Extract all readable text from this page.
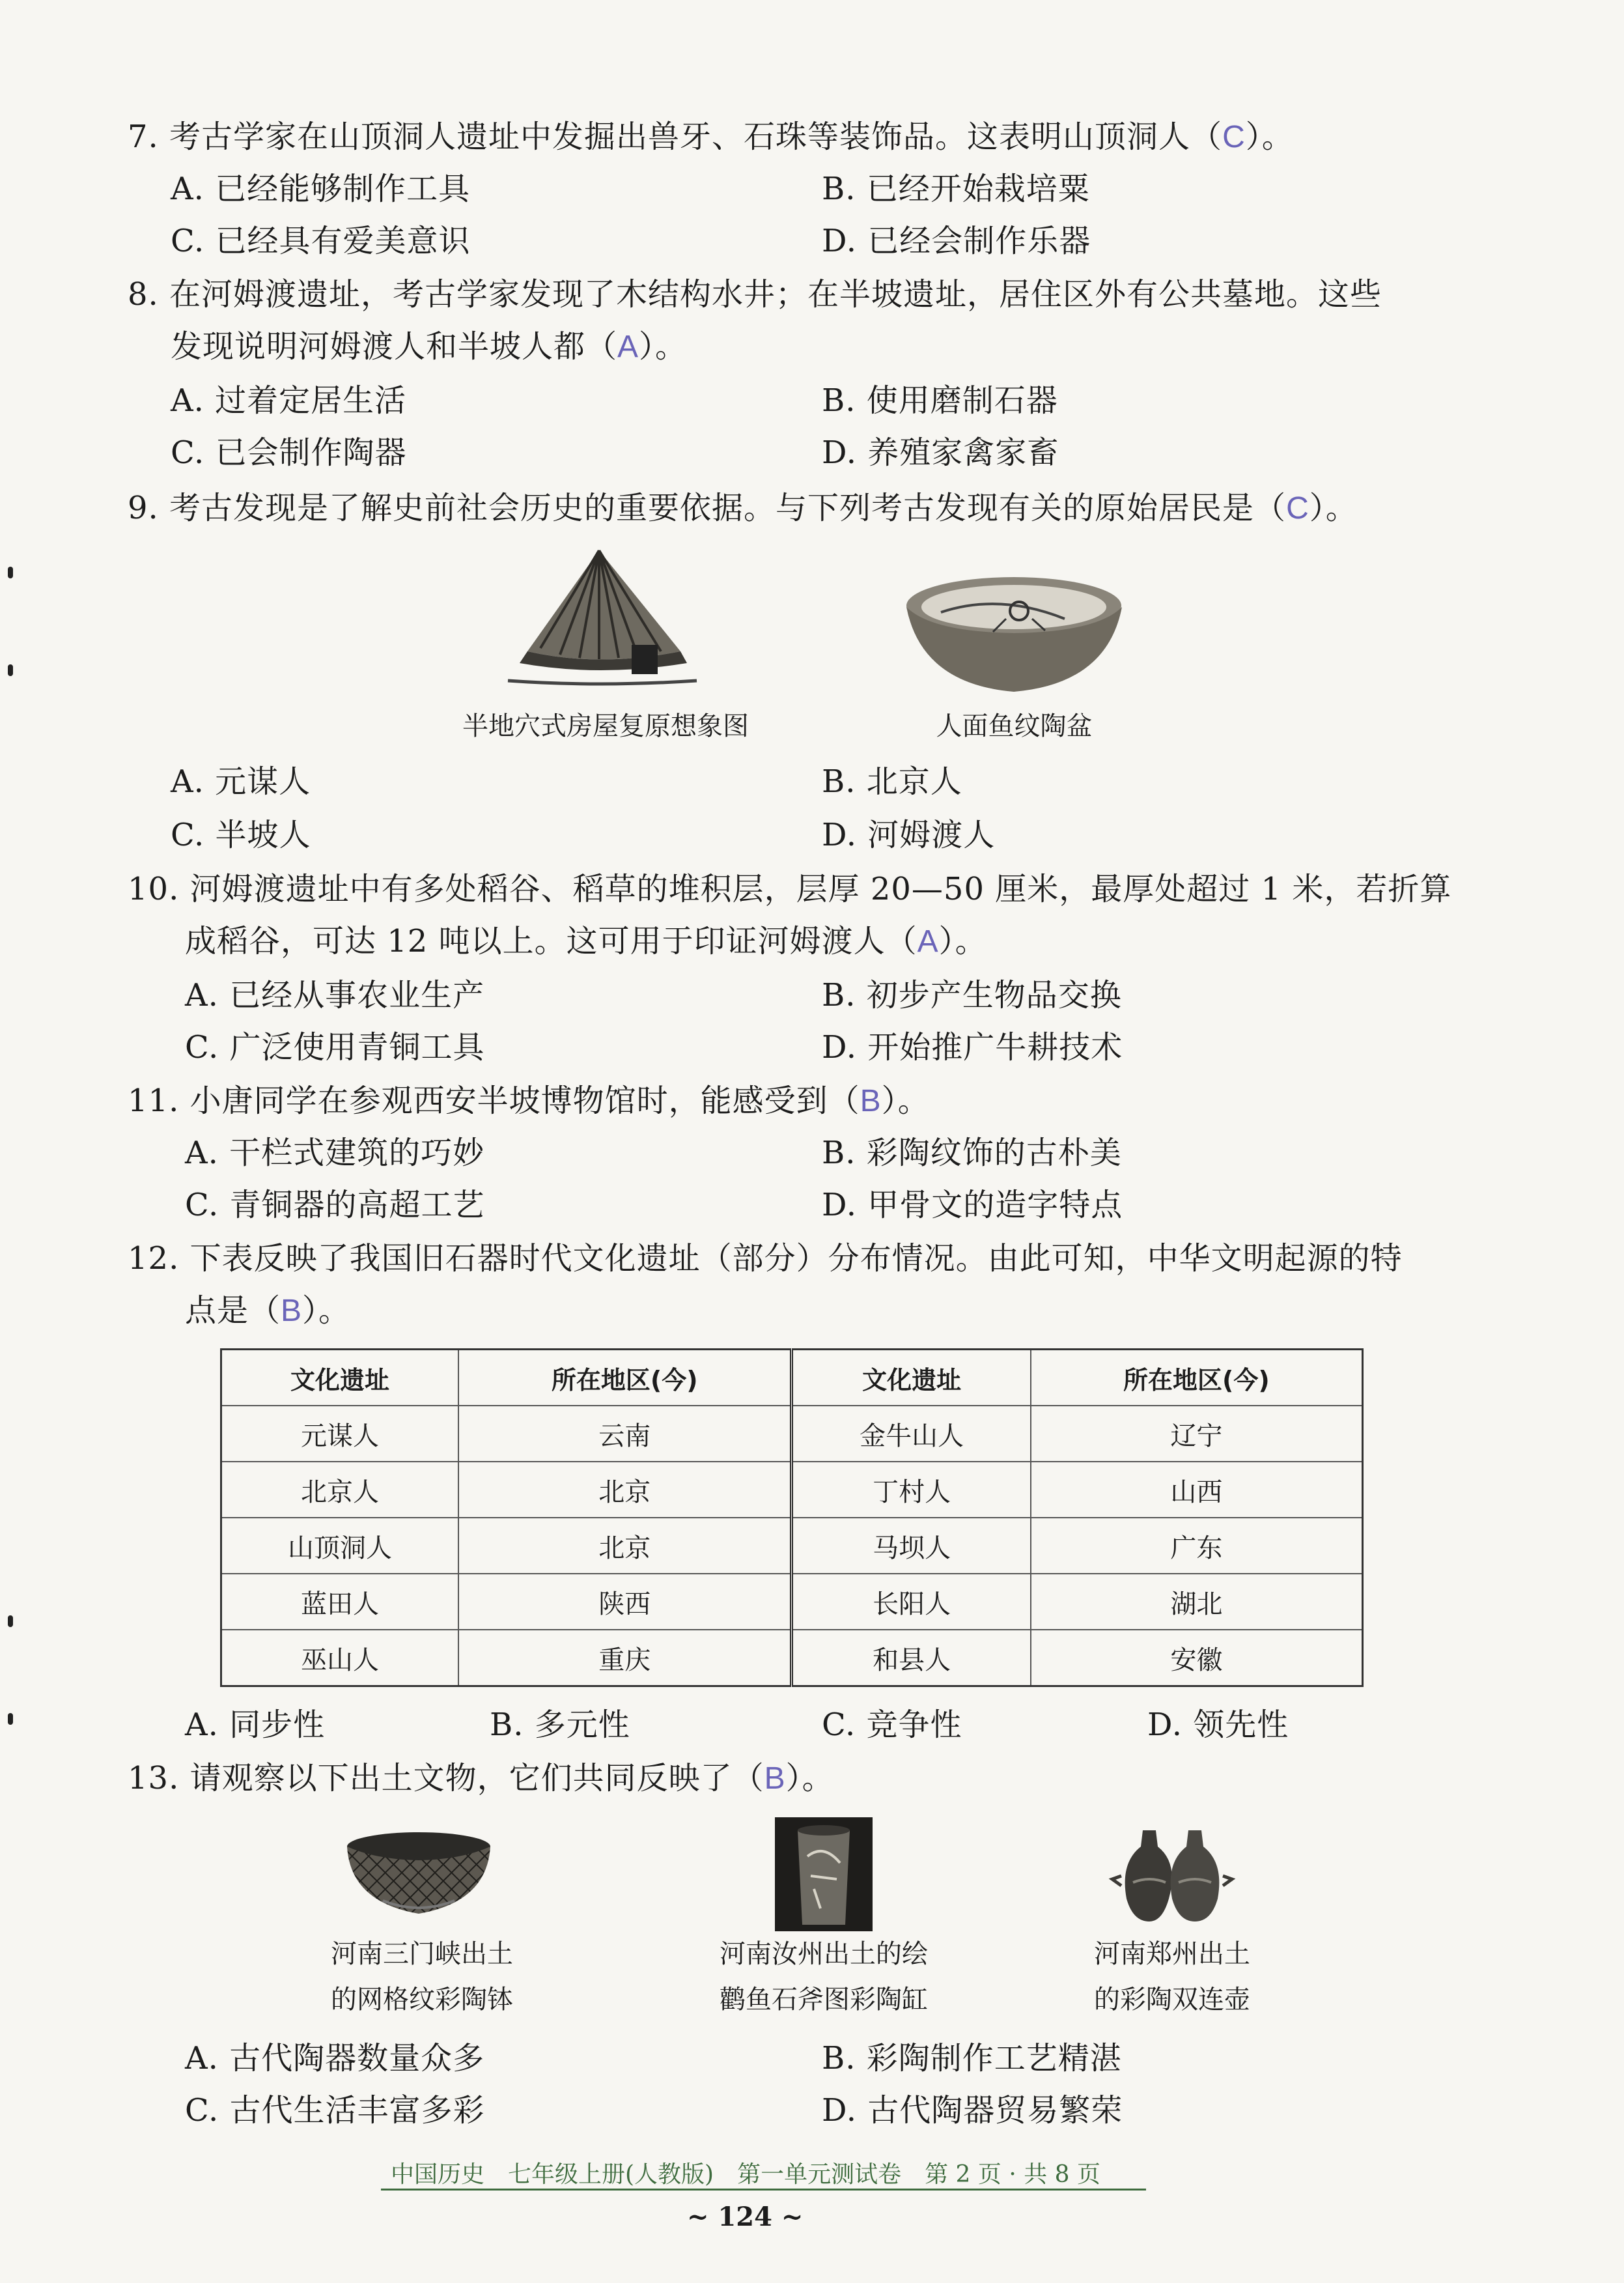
7. 考古学家在山顶洞人遗址中发掘出兽牙、石珠等装饰品。这表明山顶洞人（C）。
A. 已经能够制作工具	B. 已经开始栽培粟
C. 已经具有爱美意识	D. 已经会制作乐器
8. 在河姆渡遗址，考古学家发现了木结构水井；在半坡遗址，居住区外有公共墓地。这些
发现说明河姆渡人和半坡人都（A）。
A. 过着定居生活	B. 使用磨制石器
C. 已会制作陶器	D. 养殖家禽家畜
9. 考古发现是了解史前社会历史的重要依据。与下列考古发现有关的原始居民是（C）。
半地穴式房屋复原想象图	人面鱼纹陶盆
A. 元谋人	B. 北京人
C. 半坡人	D. 河姆渡人
10. 河姆渡遗址中有多处稻谷、稻草的堆积层，层厚 20—50 厘米，最厚处超过 1 米，若折算
成稻谷，可达 12 吨以上。这可用于印证河姆渡人（A）。
A. 已经从事农业生产	B. 初步产生物品交换
C. 广泛使用青铜工具	D. 开始推广牛耕技术
11. 小唐同学在参观西安半坡博物馆时，能感受到（B）。
A. 干栏式建筑的巧妙	B. 彩陶纹饰的古朴美
C. 青铜器的高超工艺	D. 甲骨文的造字特点
12. 下表反映了我国旧石器时代文化遗址（部分）分布情况。由此可知，中华文明起源的特
点是（B）。
文化遗址	所在地区(今)	文化遗址	所在地区(今)
元谋人	云南	金牛山人	辽宁
北京人	北京	丁村人	山西
山顶洞人	北京	马坝人	广东
蓝田人	陕西	长阳人	湖北
巫山人	重庆	和县人	安徽
A. 同步性	B. 多元性	C. 竞争性	D. 领先性
13. 请观察以下出土文物，它们共同反映了（B）。
河南三门峡出土
的网格纹彩陶钵
河南汝州出土的绘
鹳鱼石斧图彩陶缸
河南郑州出土
的彩陶双连壶
A. 古代陶器数量众多	B. 彩陶制作工艺精湛
C. 古代生活丰富多彩	D. 古代陶器贸易繁荣
中国历史　七年级上册(人教版)　第一单元测试卷　第 2 页 · 共 8 页
~ 124 ~
